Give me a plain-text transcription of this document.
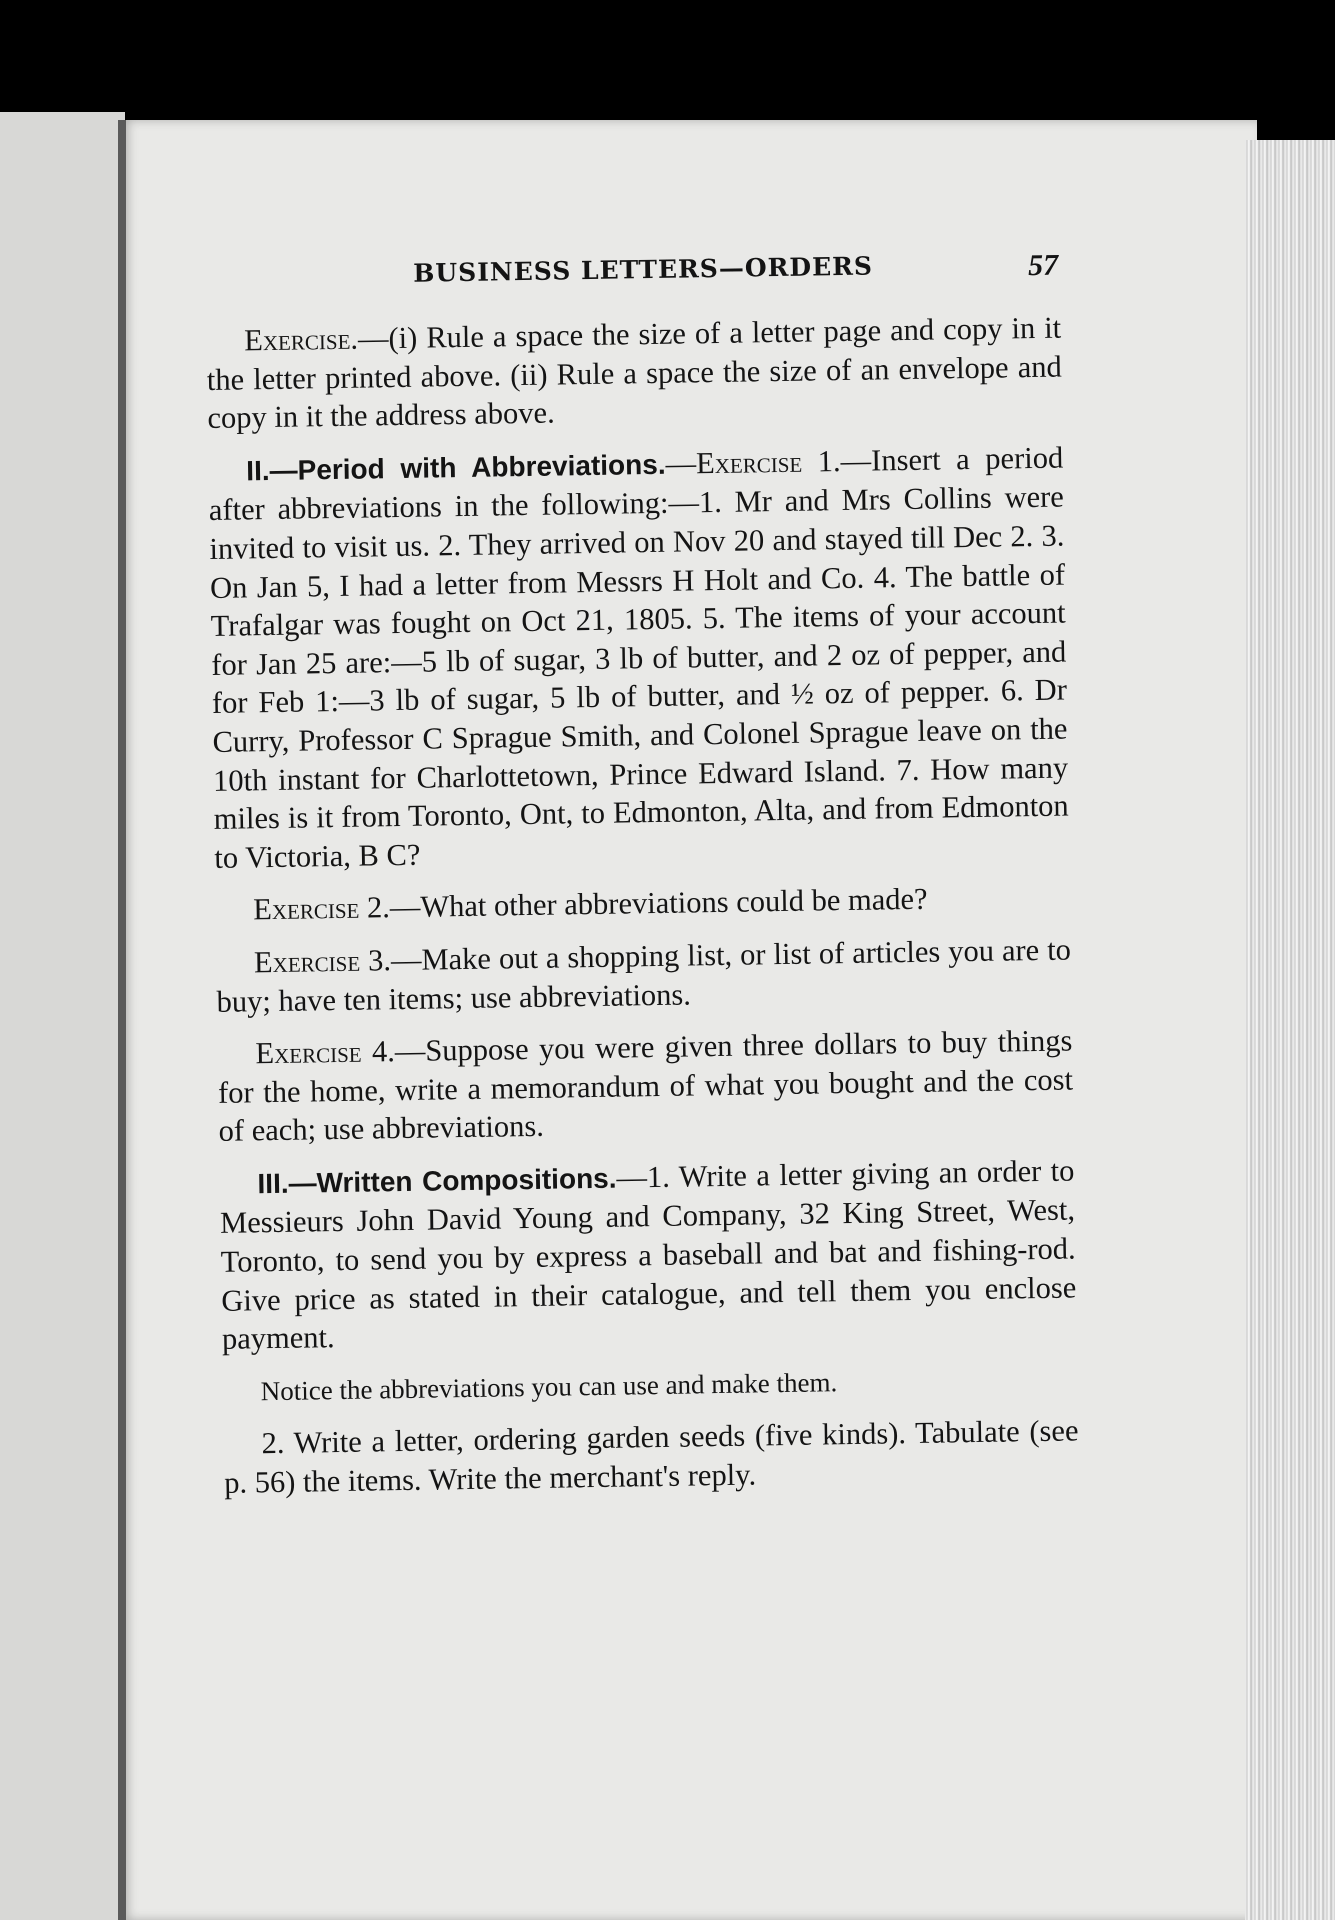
BUSINESS LETTERS—ORDERS	57

Exercise.—(i) Rule a space the size of a letter page and copy in it the letter printed above. (ii) Rule a space the size of an envelope and copy in it the address above.

II.—Period with Abbreviations.—Exercise 1.—Insert a period after abbreviations in the following:—1. Mr and Mrs Collins were invited to visit us. 2. They arrived on Nov 20 and stayed till Dec 2. 3. On Jan 5, I had a letter from Messrs H Holt and Co. 4. The battle of Trafalgar was fought on Oct 21, 1805. 5. The items of your account for Jan 25 are:—5 lb of sugar, 3 lb of butter, and 2 oz of pepper, and for Feb 1:—3 lb of sugar, 5 lb of butter, and ½ oz of pepper. 6. Dr Curry, Professor C Sprague Smith, and Colonel Sprague leave on the 10th instant for Charlottetown, Prince Edward Island. 7. How many miles is it from Toronto, Ont, to Edmonton, Alta, and from Edmonton to Victoria, B C?

Exercise 2.—What other abbreviations could be made?

Exercise 3.—Make out a shopping list, or list of articles you are to buy; have ten items; use abbreviations.

Exercise 4.—Suppose you were given three dollars to buy things for the home, write a memorandum of what you bought and the cost of each; use abbreviations.

III.—Written Compositions.—1. Write a letter giving an order to Messieurs John David Young and Company, 32 King Street, West, Toronto, to send you by express a baseball and bat and fishing-rod. Give price as stated in their catalogue, and tell them you enclose payment.

Notice the abbreviations you can use and make them.

2. Write a letter, ordering garden seeds (five kinds). Tabulate (see p. 56) the items. Write the merchant's reply.
